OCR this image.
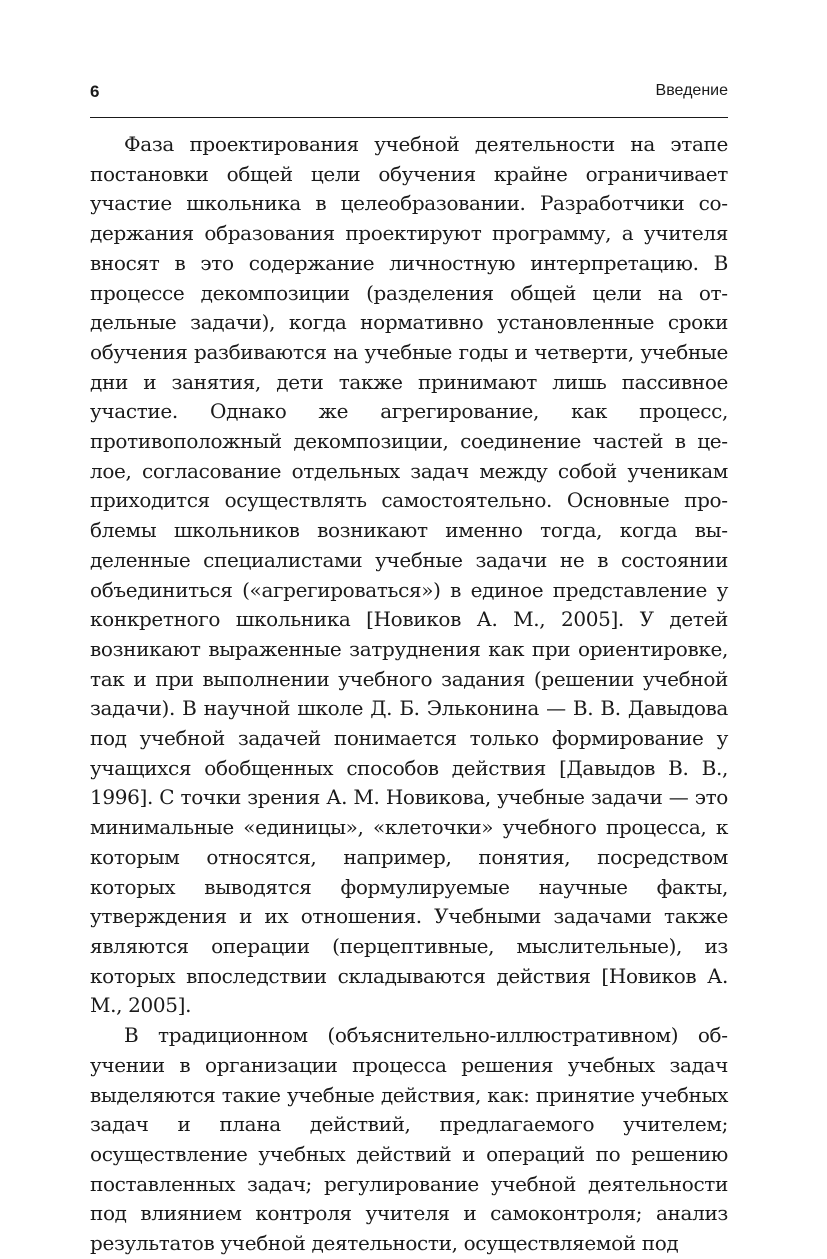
6	Введение

Фаза проектирования учебной деятельности на этапе постановки общей цели обучения крайне ограничивает участие школьника в целеобразовании. Разработчики содержания образования проектируют программу, а учителя вносят в это содержание личностную интерпретацию. В процессе декомпозиции (разделения общей цели на отдельные задачи), когда нормативно установленные сроки обучения разбиваются на учебные годы и четверти, учебные дни и занятия, дети также принимают лишь пассивное участие. Однако же агрегирование, как процесс, противоположный декомпозиции, соединение частей в целое, согласование отдельных задач между собой ученикам приходится осуществлять самостоятельно. Основные проблемы школьников возникают именно тогда, когда выделенные специалистами учебные задачи не в состоянии объединиться («агрегироваться») в единое представление у конкретного школьника [Новиков А. М., 2005]. У детей возникают выраженные затруднения как при ориентировке, так и при выполнении учебного задания (решении учебной задачи). В научной школе Д. Б. Эльконина — В. В. Давыдова под учебной задачей понимается только формирование у учащихся обобщенных способов действия [Давыдов В. В., 1996]. С точки зрения А. М. Новикова, учебные задачи — это минимальные «единицы», «клеточки» учебного процесса, к которым относятся, например, понятия, посредством которых выводятся формулируемые научные факты, утверждения и их отношения. Учебными задачами также являются операции (перцептивные, мыслительные), из которых впоследствии складываются действия [Новиков А. М., 2005].

В традиционном (объяснительно-иллюстративном) обучении в организации процесса решения учебных задач выделяются такие учебные действия, как: принятие учебных задач и плана действий, предлагаемого учителем; осуществление учебных действий и операций по решению поставленных задач; регулирование учебной деятельности под влиянием контроля учителя и самоконтроля; анализ результатов учебной деятельности, осуществляемой под
